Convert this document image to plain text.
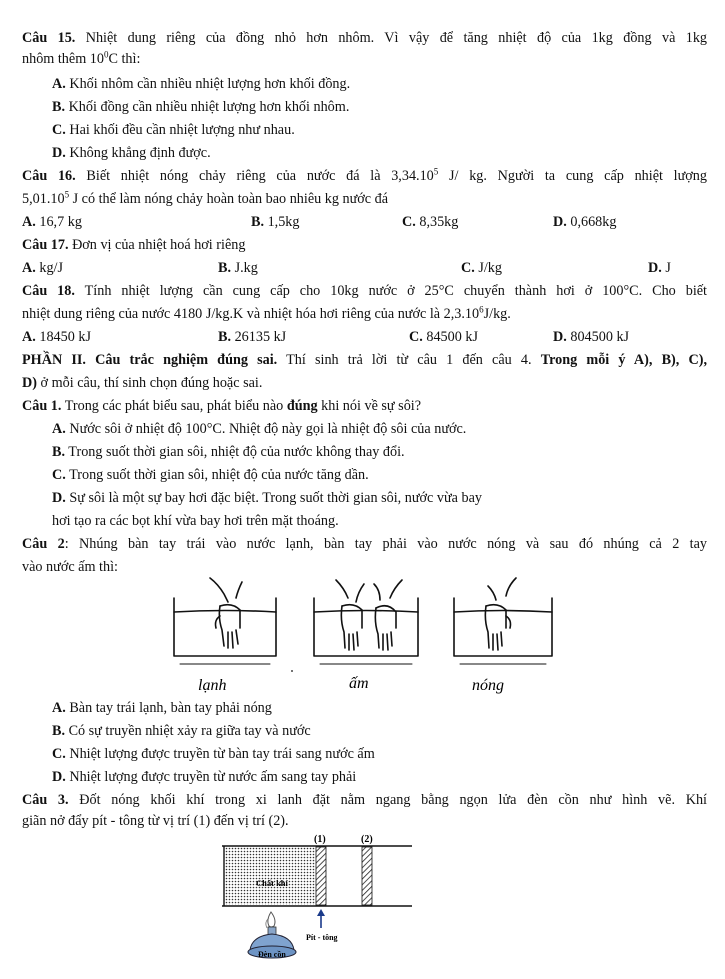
Câu 15. Nhiệt dung riêng của đồng nhỏ hơn nhôm. Vì vậy để tăng nhiệt độ của 1kg đồng và 1kg
nhôm thêm $10^0C$ thì:
A. Khối nhôm cần nhiều nhiệt lượng hơn khối đồng.
B. Khối đồng cần nhiều nhiệt lượng hơn khối nhôm.
C. Hai khối đều cần nhiệt lượng như nhau.
D. Không khẳng định được.
Câu 16. Biết nhiệt nóng chảy riêng của nước đá là 3,34.10$^5$ J/ kg. Người ta cung cấp nhiệt lượng
5,01.10$^5$ J có thể làm nóng chảy hoàn toàn bao nhiêu kg nước đá
A. 16,7 kg	B. 1,5kg	C. 8,35kg	D. 0,668kg
Câu 17. Đơn vị của nhiệt hoá hơi riêng
A. kg/J	B. J.kg	C. J/kg	D. J
Câu 18. Tính nhiệt lượng cần cung cấp cho 10kg nước ở 25°C chuyển thành hơi ở 100°C. Cho biết
nhiệt dung riêng của nước 4180 J/kg.K và nhiệt hóa hơi riêng của nước là 2,3.10$^6$J/kg.
A. 18450 kJ	B. 26135 kJ	C. 84500 kJ	D. 804500 kJ
PHẦN II. Câu trắc nghiệm đúng sai. Thí sinh trả lời từ câu 1 đến câu 4. Trong mỗi ý A), B), C),
D) ở mỗi câu, thí sinh chọn đúng hoặc sai.
Câu 1. Trong các phát biểu sau, phát biểu nào đúng khi nói về sự sôi?
A. Nước sôi ở nhiệt độ 100°C. Nhiệt độ này gọi là nhiệt độ sôi của nước.
B. Trong suốt thời gian sôi, nhiệt độ của nước không thay đổi.
C. Trong suốt thời gian sôi, nhiệt độ của nước tăng dần.
D. Sự sôi là một sự bay hơi đặc biệt. Trong suốt thời gian sôi, nước vừa bay
hơi tạo ra các bọt khí vừa bay hơi trên mặt thoáng.
Câu 2: Nhúng bàn tay trái vào nước lạnh, bàn tay phải vào nước nóng và sau đó nhúng cả 2 tay
vào nước ấm thì:
lạnh	ấm	nóng
A. Bàn tay trái lạnh, bàn tay phải nóng
B. Có sự truyền nhiệt xảy ra giữa tay và nước
C. Nhiệt lượng được truyền từ bàn tay trái sang nước ấm
D. Nhiệt lượng được truyền từ nước ấm sang tay phải
Câu 3. Đốt nóng khối khí trong xi lanh đặt nằm ngang bằng ngọn lửa đèn cồn như hình vẽ. Khí
giãn nở đẩy pít - tông từ vị trí (1) đến vị trí (2).
(1)	(2)
Chất khí
Pít - tông
Đèn cồn
